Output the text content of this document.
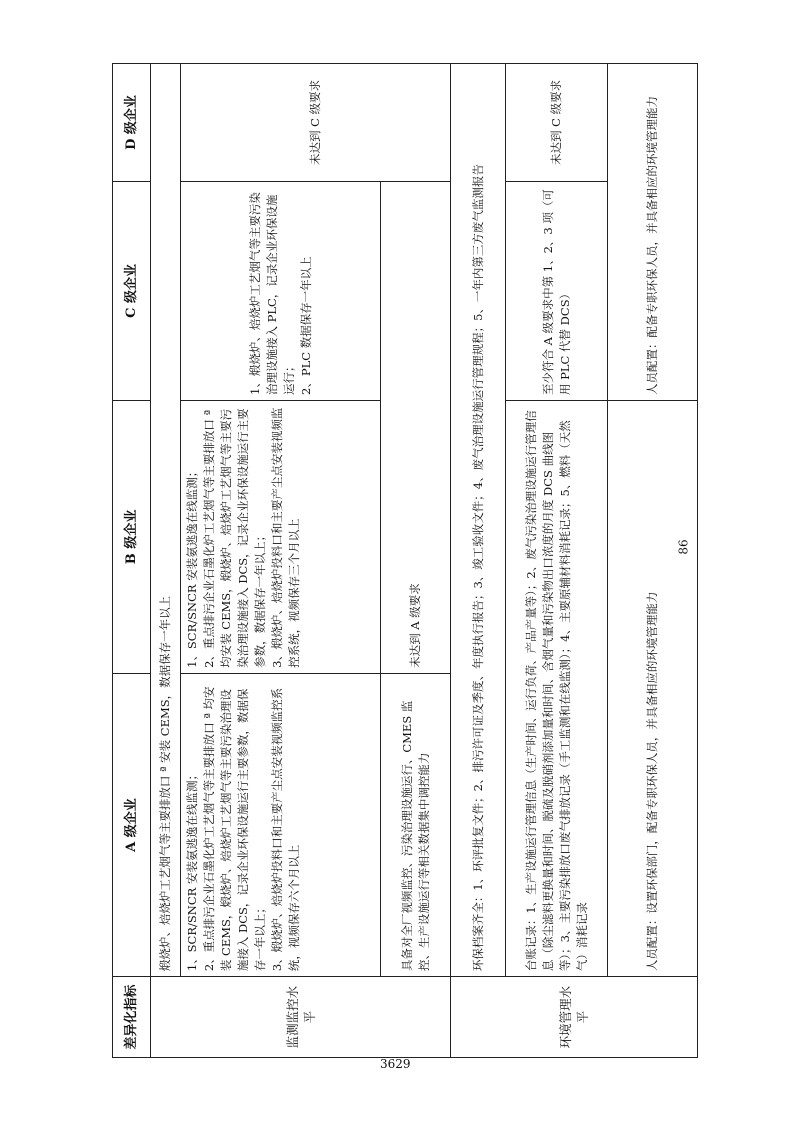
差异化指标	A 级企业	B 级企业	C 级企业	D 级企业
监测监控水平	煅烧炉、焙烧炉工艺烟气等主要排放口 ª 安装 CEMS，数据保存一年以上			

	1、SCR/SNCR 安装氨逃逸在线监测； 2、重点排污企业石墨化炉工艺烟气等主要排放口 ª 均安装 CEMS，煅烧炉、焙烧炉工艺烟气等主要污染治理设施接入 DCS，记录企业环保设施运行主要参数，数据保存一年以上； 3、煅烧炉、焙烧炉投料口和主要产尘点安装视频监控系统，视频保存六个月以上	1、SCR/SNCR 安装氨逃逸在线监测； 2、重点排污企业石墨化炉工艺烟气等主要排放口 ª 均安装 CEMS，煅烧炉、焙烧炉工艺烟气等主要污染治理设施接入 DCS，记录企业环保设施运行主要参数，数据保存一年以上； 3、煅烧炉、焙烧炉投料口和主要产尘点安装视频监控系统，视频保存三个月以上	1、煅烧炉、焙烧炉工艺烟气等主要污染治理设施接入 PLC，记录企业环保设施运行； 2、PLC 数据保存一年以上	未达到 C 级要求
	具备对全厂视频监控、污染治理设施运行、CMES 监控、生产设施运行等相关数据集中调控能力	未达到 A 级要求		
环境管理水平	环保档案齐全：1、环评批复文件；2、排污许可证及季度、年度执行报告；3、竣工验收文件；4、废气治理设施运行管理规程；5、一年内第三方废气监测报告			
	台账记录：1、生产设施运行管理信息（生产时间、运行负荷、产品产量等）；2、废气污染治理设施运行管理信息（除尘滤料更换量和时间、脱硫及脱硝剂添加量和时间、含烟气量和污染物出口浓度的月度 DCS 曲线图等）；3、主要污染排放口废气排放记录（手工监测和在线监测）；4、主要原辅材料消耗记录；5、燃料（天然气）消耗记录		至少符合 A 级要求中第 1、2、3 项（可用 PLC 代替 DCS）	未达到 C 级要求
	人员配置：设置环保部门，配备专职环保人员，并具备相应的环境管理能力		人员配置：配备专职环保人员，并具备相应的环境管理能力	
86
3629
